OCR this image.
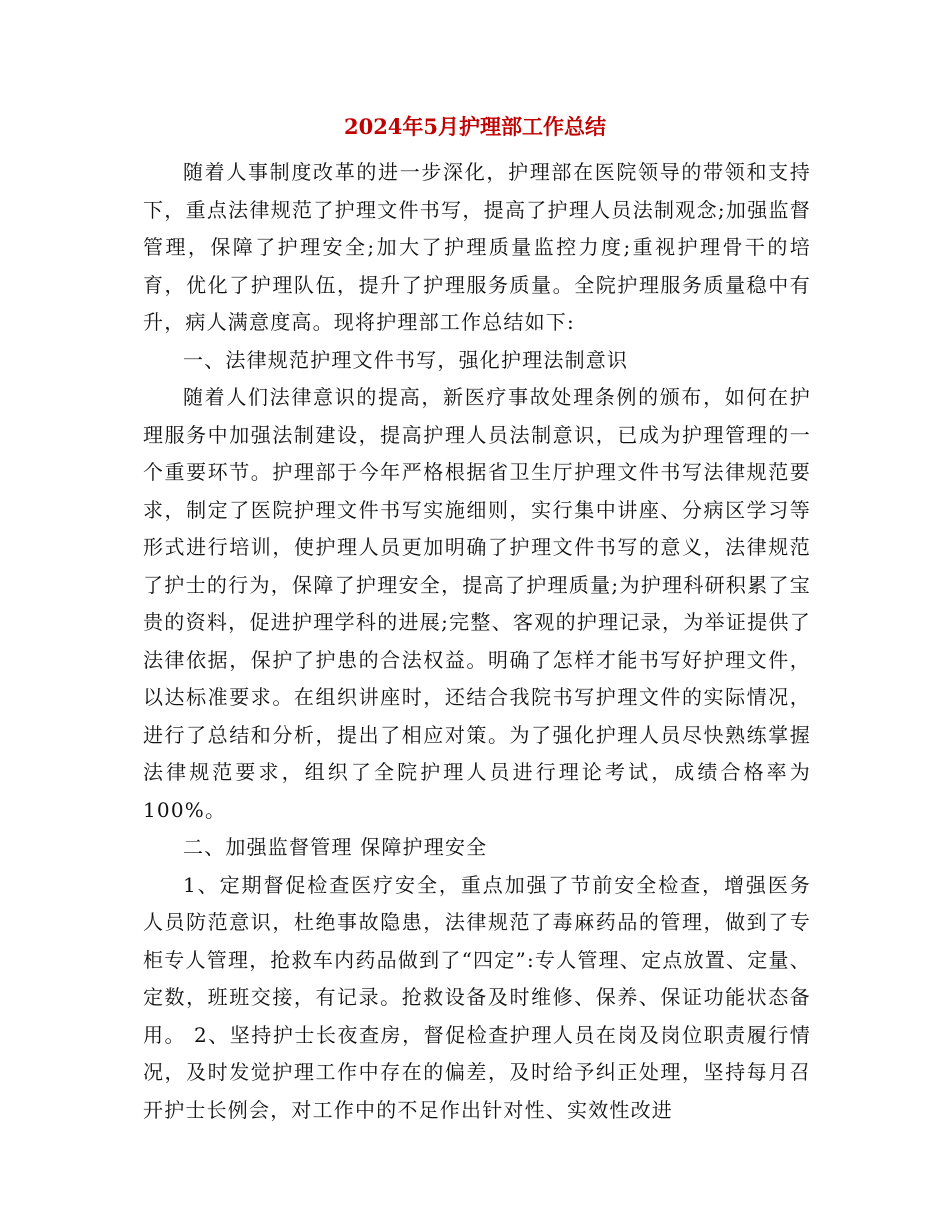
2024年5月护理部工作总结

随着人事制度改革的进一步深化，护理部在医院领导的带领和支持下，重点法律规范了护理文件书写，提高了护理人员法制观念;加强监督管理，保障了护理安全;加大了护理质量监控力度;重视护理骨干的培育，优化了护理队伍，提升了护理服务质量。全院护理服务质量稳中有升，病人满意度高。现将护理部工作总结如下:

一、法律规范护理文件书写，强化护理法制意识

随着人们法律意识的提高，新医疗事故处理条例的颁布，如何在护理服务中加强法制建设，提高护理人员法制意识，已成为护理管理的一个重要环节。护理部于今年严格根据省卫生厅护理文件书写法律规范要求，制定了医院护理文件书写实施细则，实行集中讲座、分病区学习等形式进行培训，使护理人员更加明确了护理文件书写的意义，法律规范了护士的行为，保障了护理安全，提高了护理质量;为护理科研积累了宝贵的资料，促进护理学科的进展;完整、客观的护理记录，为举证提供了法律依据，保护了护患的合法权益。明确了怎样才能书写好护理文件，以达标准要求。在组织讲座时，还结合我院书写护理文件的实际情况，进行了总结和分析，提出了相应对策。为了强化护理人员尽快熟练掌握法律规范要求，组织了全院护理人员进行理论考试，成绩合格率为100%。

二、加强监督管理 保障护理安全

1、定期督促检查医疗安全，重点加强了节前安全检查，增强医务人员防范意识，杜绝事故隐患，法律规范了毒麻药品的管理，做到了专柜专人管理，抢救车内药品做到了“四定”:专人管理、定点放置、定量、定数，班班交接，有记录。抢救设备及时维修、保养、保证功能状态备用。 2、坚持护士长夜查房，督促检查护理人员在岗及岗位职责履行情况，及时发觉护理工作中存在的偏差，及时给予纠正处理，坚持每月召开护士长例会，对工作中的不足作出针对性、实效性改进
